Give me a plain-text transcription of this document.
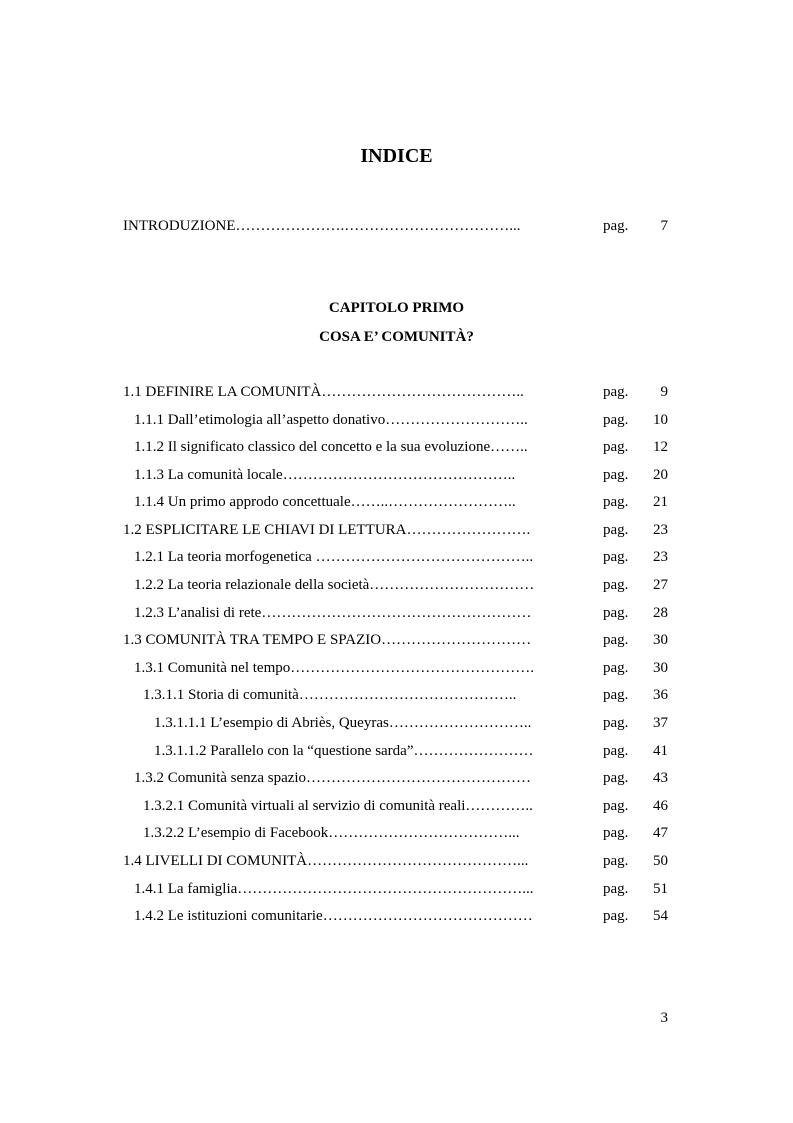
INDICE
INTRODUZIONE………………….……………………………...	pag. 7
CAPITOLO PRIMO
COSA E’ COMUNITÀ?
1.1 DEFINIRE LA COMUNITÀ…………………………………..	pag. 9
1.1.1 Dall’etimologia all’aspetto donativo………………………..	pag. 10
1.1.2 Il significato classico del concetto e la sua evoluzione……..	pag. 12
1.1.3 La comunità locale………………………………………..	pag. 20
1.1.4 Un primo approdo concettuale……..……………………..	pag. 21
1.2 ESPLICITARE LE CHIAVI DI LETTURA…………………….	pag. 23
1.2.1 La teoria morfogenetica ……………………………………..	pag. 23
1.2.2 La teoria relazionale della società……………………………	pag. 27
1.2.3 L’analisi di rete………………………………………………	pag. 28
1.3 COMUNITÀ TRA TEMPO E SPAZIO…………………………	pag. 30
1.3.1 Comunità nel tempo………………………………………….	pag. 30
1.3.1.1 Storia di comunità……………………………………..	pag. 36
1.3.1.1.1 L’esempio di Abriès, Queyras………………………..	pag. 37
1.3.1.1.2 Parallelo con la “questione sarda”……………………	pag. 41
1.3.2 Comunità senza spazio………………………………………	pag. 43
1.3.2.1 Comunità virtuali al servizio di comunità reali…………..	pag. 46
1.3.2.2 L’esempio di Facebook………………………………...	pag. 47
1.4 LIVELLI DI COMUNITÀ……………………………………...	pag. 50
1.4.1 La famiglia…………………………………………………...	pag. 51
1.4.2 Le istituzioni comunitarie……………………………………	pag. 54
3
